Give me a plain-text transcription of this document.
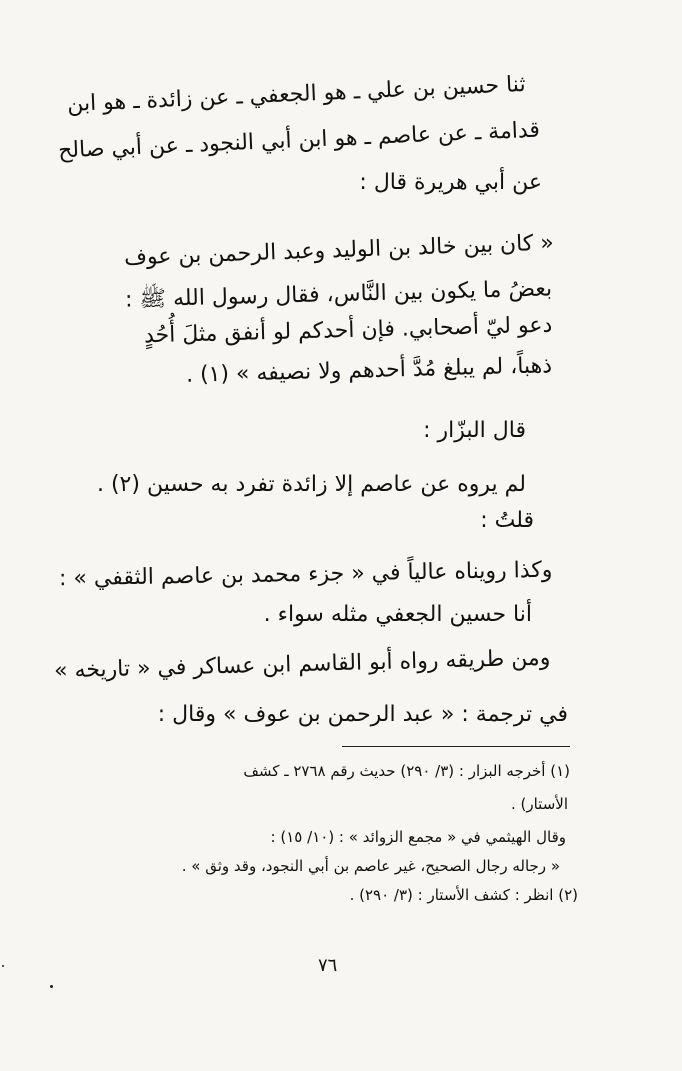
ثنا حسين بن علي ـ هو الجعفي ـ عن زائدة ـ هو ابن
قدامة ـ عن عاصم ـ هو ابن أبي النجود ـ عن أبي صالح
عن أبي هريرة قال :
« كان بين خالد بن الوليد وعبد الرحمن بن عوف
بعضُ ما يكون بين النَّاس، فقال رسول الله ﷺ :
دعو ليّ أصحابي. فإن أحدكم لو أنفق مثلَ أُحُدٍ
ذهباً، لم يبلغ مُدَّ أحدهم ولا نصيفه » (١) .
قال البزّار :
لم يروه عن عاصم إلا زائدة تفرد به حسين (٢) .
قلتُ :
وكذا رويناه عالياً في « جزء محمد بن عاصم الثقفي » :
أنا حسين الجعفي مثله سواء .
ومن طريقه رواه أبو القاسم ابن عساكر في « تاريخه »
في ترجمة : « عبد الرحمن بن عوف » وقال :
(١) أخرجه البزار : (٣/ ٢٩٠) حديث رقم ٢٧٦٨ ـ كشف
الأستار) .
وقال الهيثمي في « مجمع الزوائد » : (١٠/ ١٥) :
« رجاله رجال الصحيح، غير عاصم بن أبي النجود، وقد وثق » .
(٢) انظر : كشف الأستار : (٣/ ٢٩٠) .
٧٦
